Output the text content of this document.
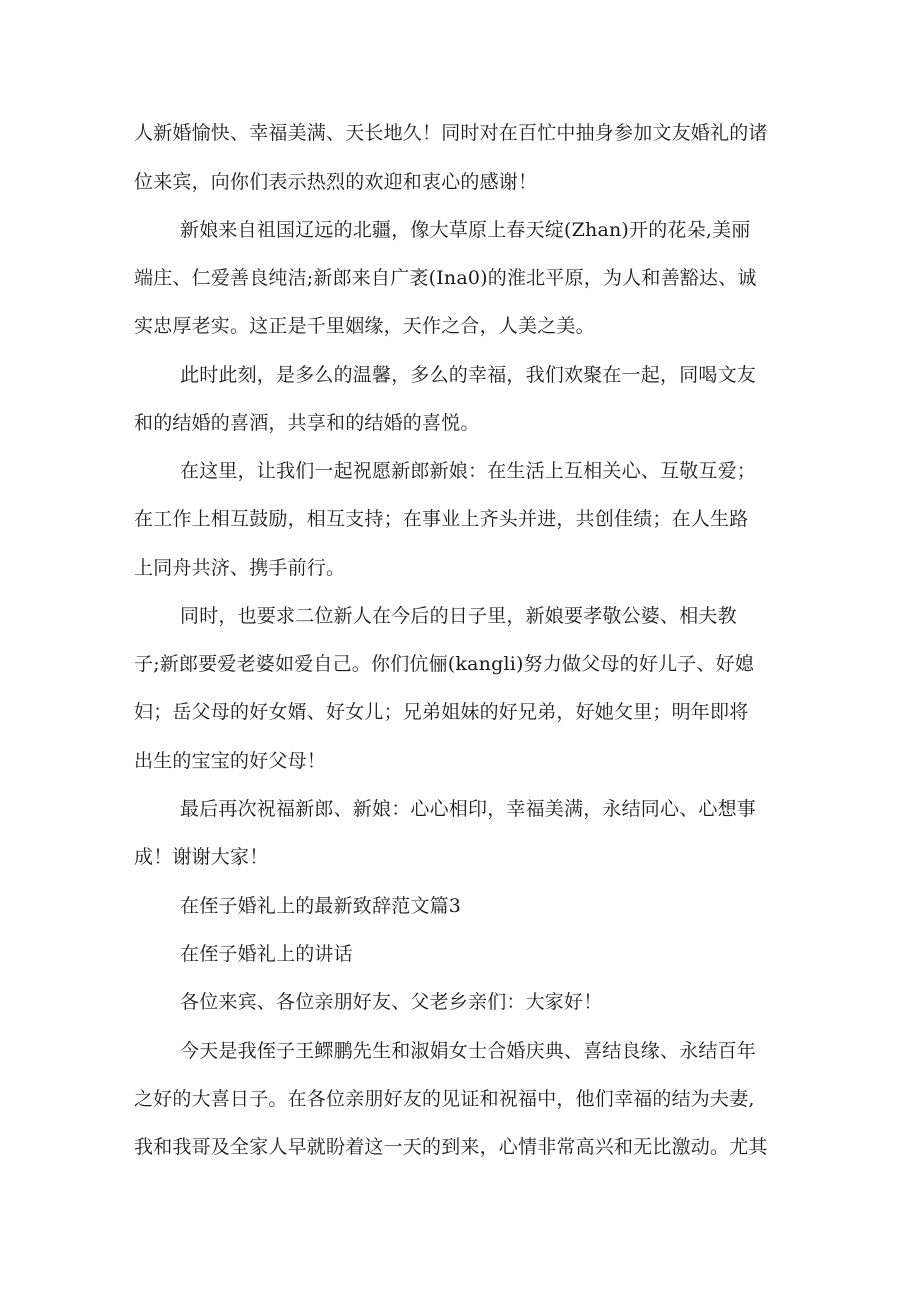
人新婚愉快、幸福美满、天长地久！同时对在百忙中抽身参加文友婚礼的诸

位来宾，向你们表示热烈的欢迎和衷心的感谢！

新娘来自祖国辽远的北疆，像大草原上春天绽(Zhan)开的花朵,美丽

端庄、仁爱善良纯洁;新郎来自广袤(Ina0)的淮北平原，为人和善豁达、诚

实忠厚老实。这正是千里姻缘，天作之合，人美之美。

此时此刻，是多么的温馨，多么的幸福，我们欢聚在一起，同喝文友

和的结婚的喜酒，共享和的结婚的喜悦。

在这里，让我们一起祝愿新郎新娘：在生活上互相关心、互敬互爱；

在工作上相互鼓励，相互支持；在事业上齐头并进，共创佳绩；在人生路

上同舟共济、携手前行。

同时，也要求二位新人在今后的日子里，新娘要孝敬公婆、相夫教

子;新郎要爱老婆如爱自己。你们伉俪(kangli)努力做父母的好儿子、好媳

妇；岳父母的好女婿、好女儿；兄弟姐妹的好兄弟，好她攵里；明年即将

出生的宝宝的好父母！

最后再次祝福新郎、新娘：心心相印，幸福美满，永结同心、心想事

成！谢谢大家！

在侄子婚礼上的最新致辞范文篇3

在侄子婚礼上的讲话

各位来宾、各位亲朋好友、父老乡亲们：大家好！

今天是我侄子王鳏鹏先生和淑娟女士合婚庆典、喜结良缘、永结百年

之好的大喜日子。在各位亲朋好友的见证和祝福中，他们幸福的结为夫妻,

我和我哥及全家人早就盼着这一天的到来，心情非常高兴和无比激动。尤其
